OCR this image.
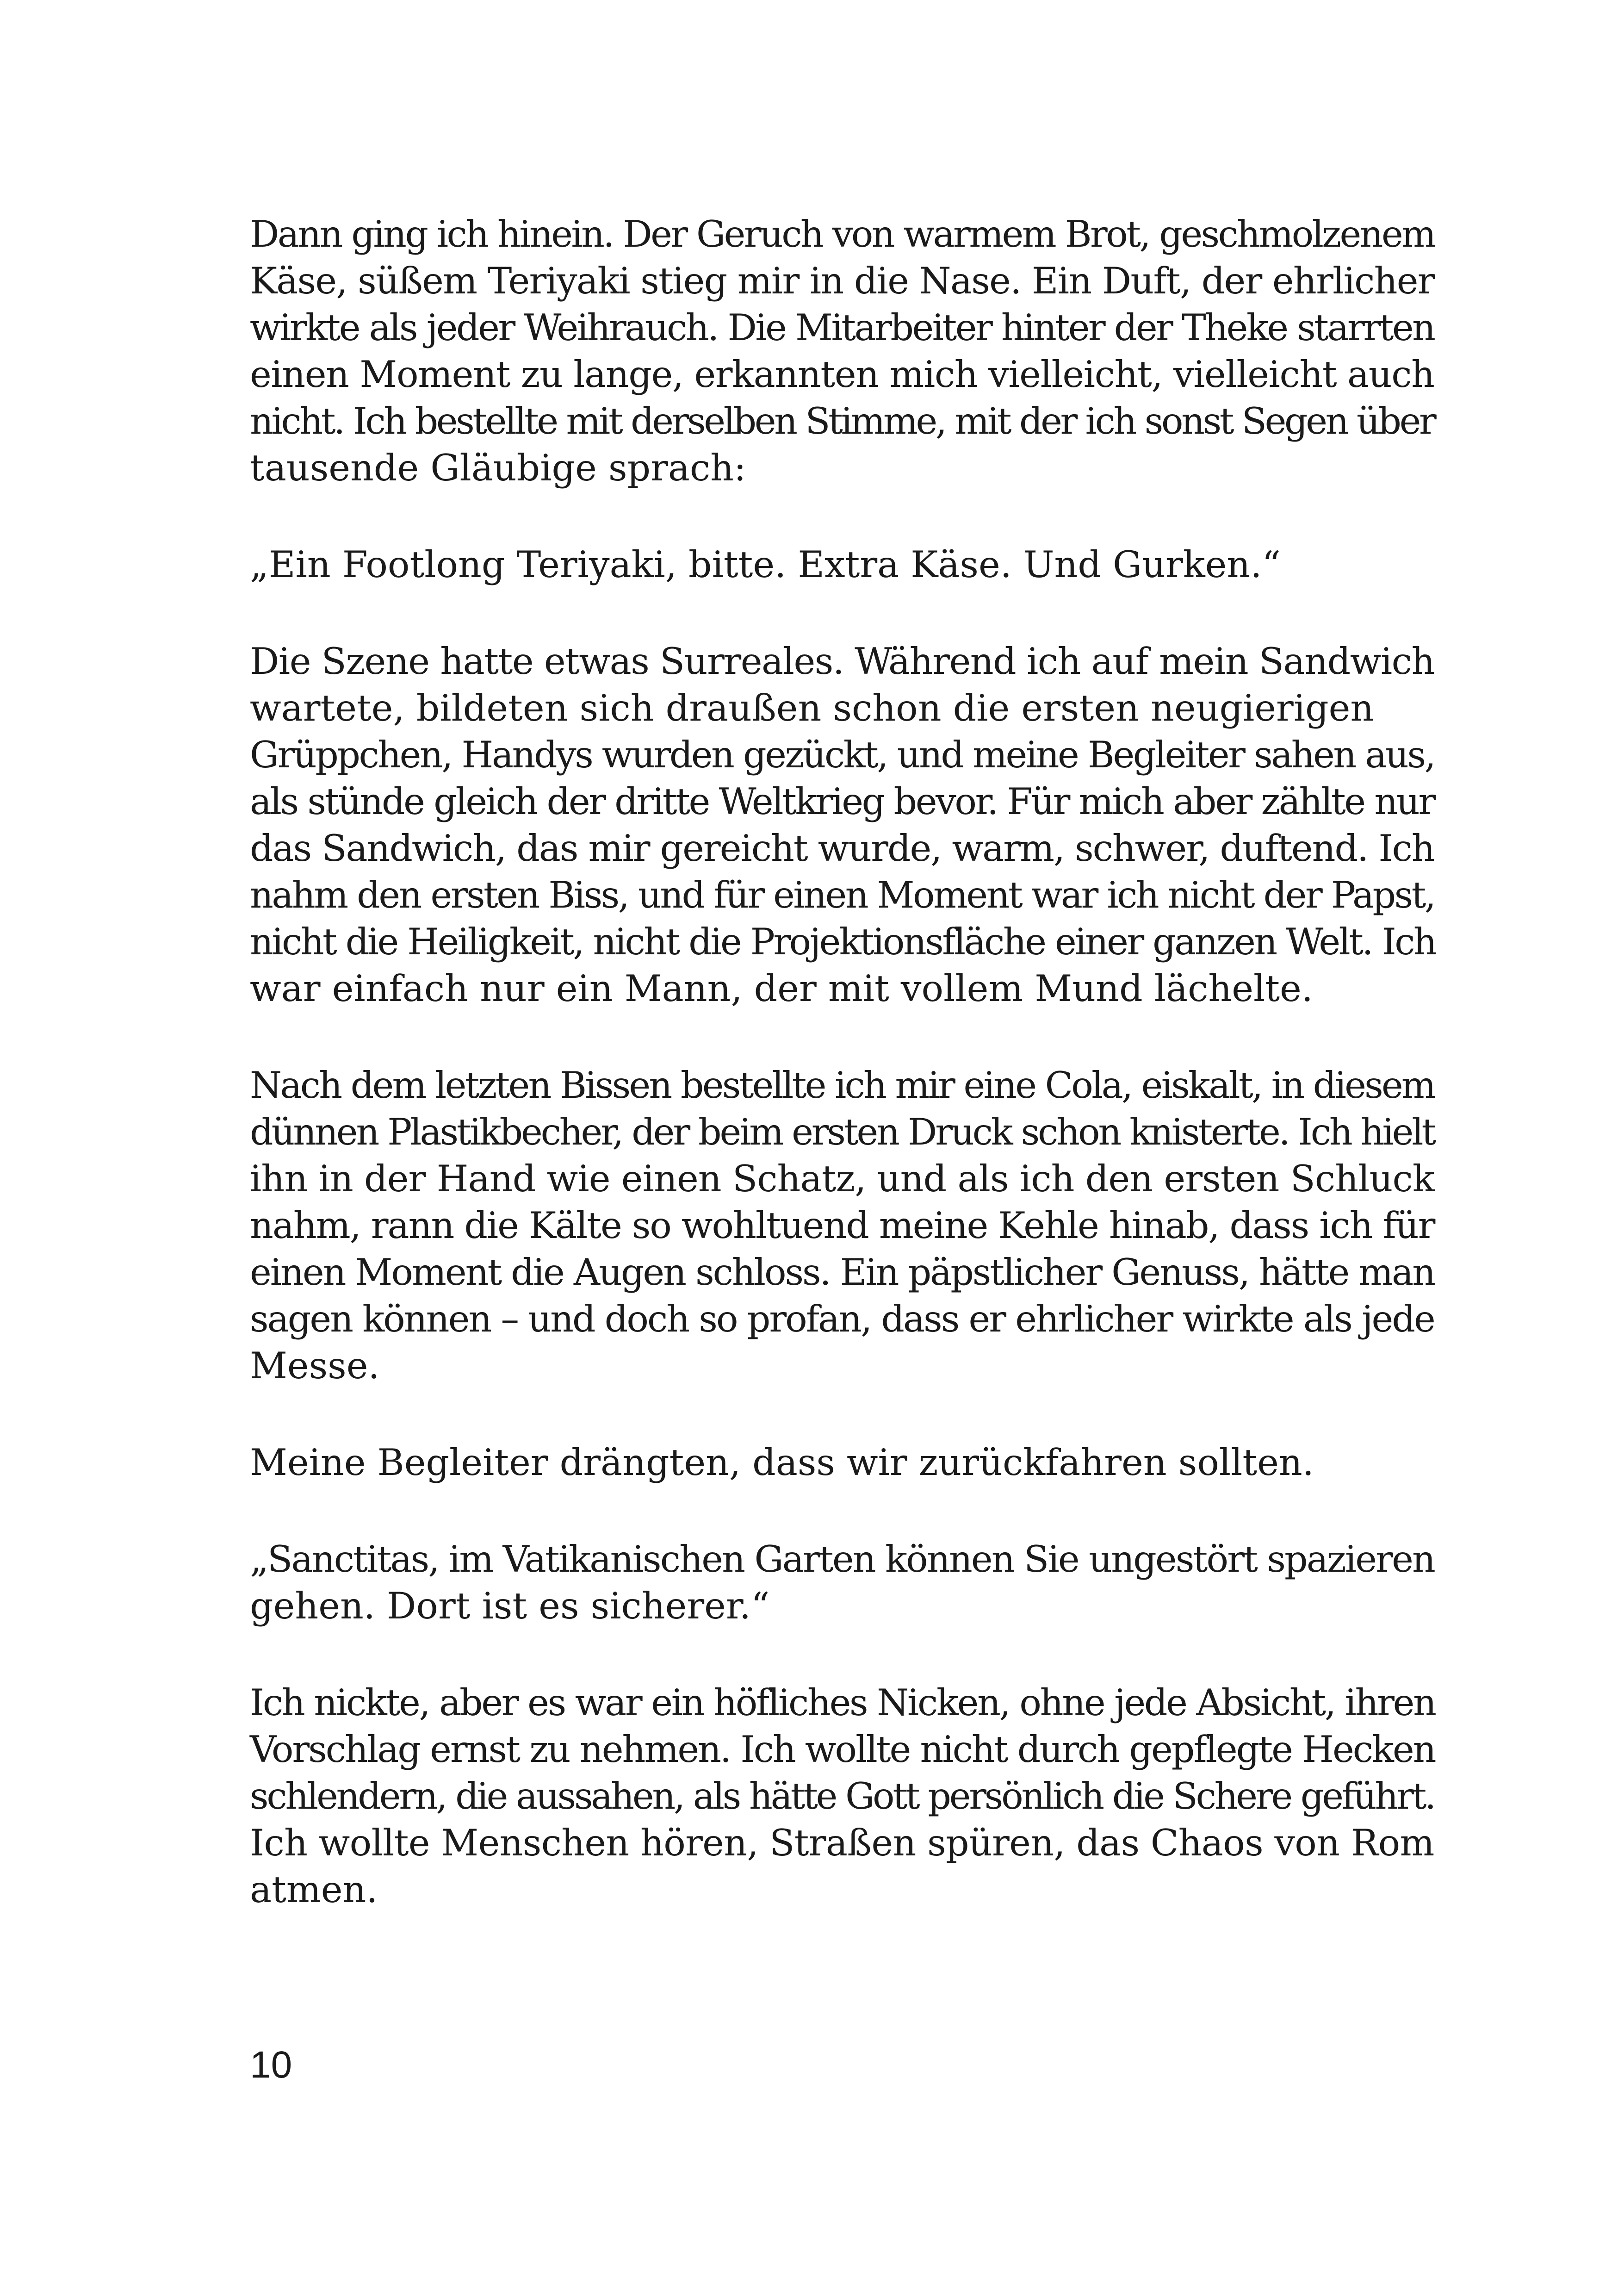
Dann ging ich hinein. Der Geruch von warmem Brot, geschmolzenem
Käse, süßem Teriyaki stieg mir in die Nase. Ein Duft, der ehrlicher
wirkte als jeder Weihrauch. Die Mitarbeiter hinter der Theke starrten
einen Moment zu lange, erkannten mich vielleicht, vielleicht auch
nicht. Ich bestellte mit derselben Stimme, mit der ich sonst Segen über
tausende Gläubige sprach:
„Ein Footlong Teriyaki, bitte. Extra Käse. Und Gurken.“
Die Szene hatte etwas Surreales. Während ich auf mein Sandwich
wartete, bildeten sich draußen schon die ersten neugierigen
Grüppchen, Handys wurden gezückt, und meine Begleiter sahen aus,
als stünde gleich der dritte Weltkrieg bevor. Für mich aber zählte nur
das Sandwich, das mir gereicht wurde, warm, schwer, duftend. Ich
nahm den ersten Biss, und für einen Moment war ich nicht der Papst,
nicht die Heiligkeit, nicht die Projektionsfläche einer ganzen Welt. Ich
war einfach nur ein Mann, der mit vollem Mund lächelte.
Nach dem letzten Bissen bestellte ich mir eine Cola, eiskalt, in diesem
dünnen Plastikbecher, der beim ersten Druck schon knisterte. Ich hielt
ihn in der Hand wie einen Schatz, und als ich den ersten Schluck
nahm, rann die Kälte so wohltuend meine Kehle hinab, dass ich für
einen Moment die Augen schloss. Ein päpstlicher Genuss, hätte man
sagen können – und doch so profan, dass er ehrlicher wirkte als jede
Messe.
Meine Begleiter drängten, dass wir zurückfahren sollten.
„Sanctitas, im Vatikanischen Garten können Sie ungestört spazieren
gehen. Dort ist es sicherer.“
Ich nickte, aber es war ein höfliches Nicken, ohne jede Absicht, ihren
Vorschlag ernst zu nehmen. Ich wollte nicht durch gepflegte Hecken
schlendern, die aussahen, als hätte Gott persönlich die Schere geführt.
Ich wollte Menschen hören, Straßen spüren, das Chaos von Rom
atmen.
10
